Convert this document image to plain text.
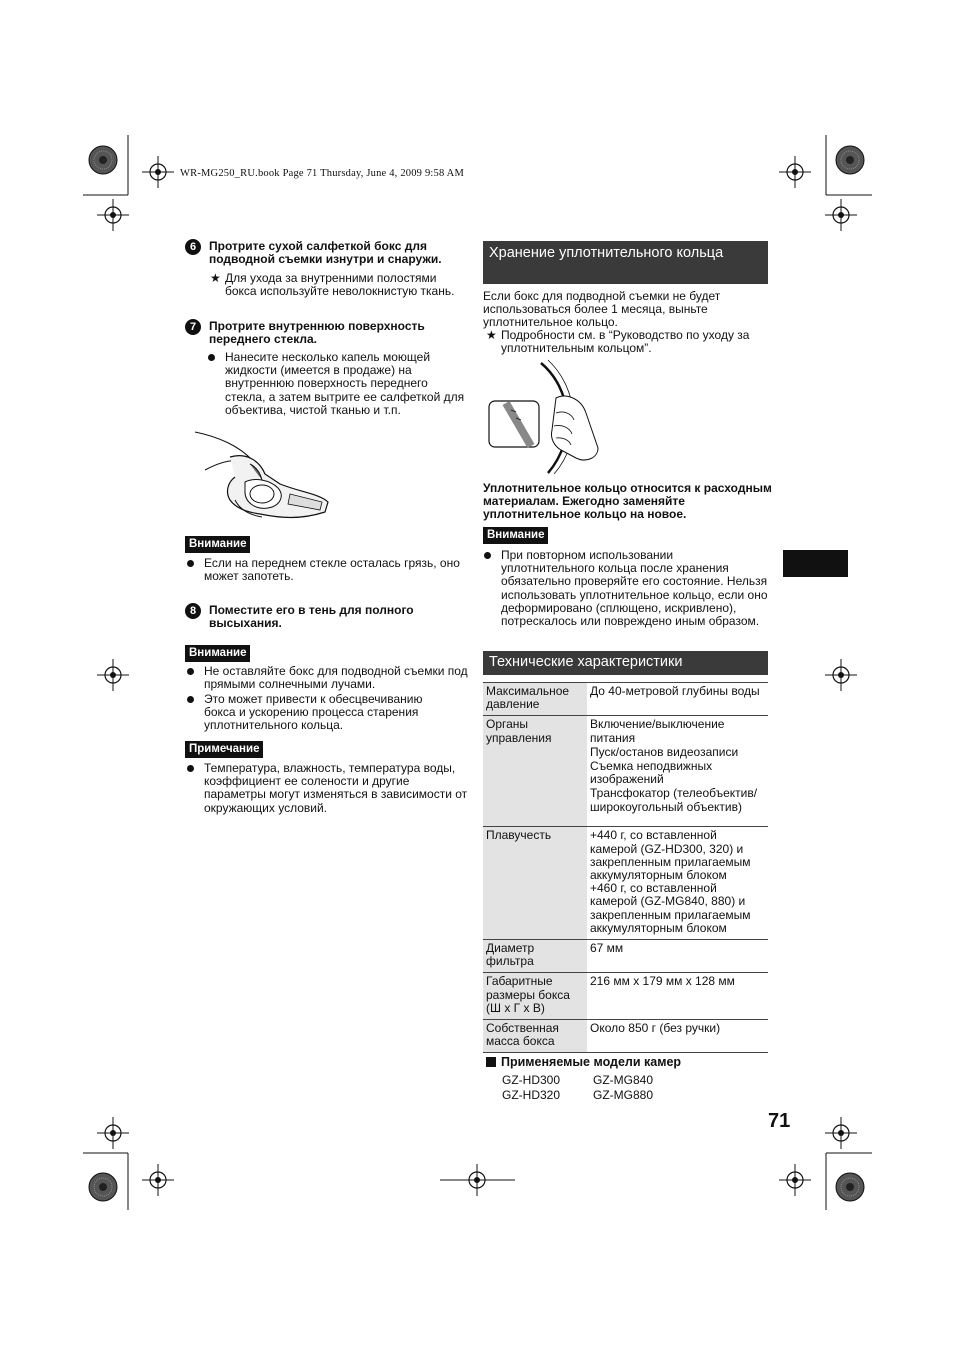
WR-MG250_RU.book Page 71 Thursday, June 4, 2009 9:58 AM
6	Протрите сухой салфеткой бокс для подводной съемки изнутри и снаружи.
★ Для ухода за внутренними полостями бокса используйте неволокнистую ткань.
7	Протрите внутреннюю поверхность переднего стекла.
Нанесите несколько капель моющей жидкости (имеется в продаже) на внутреннюю поверхность переднего стекла, а затем вытрите ее салфеткой для объектива, чистой тканью и т.п.
Внимание
Если на переднем стекле осталась грязь, оно может запотеть.
8	Поместите его в тень для полного высыхания.
Внимание
Не оставляйте бокс для подводной съемки под прямыми солнечными лучами.
Это может привести к обесцвечиванию бокса и ускорению процесса старения уплотнительного кольца.
Примечание
Температура, влажность, температура воды, коэффициент ее солености и другие параметры могут изменяться в зависимости от окружающих условий.
Хранение уплотнительного кольца
Если бокс для подводной съемки не будет использоваться более 1 месяца, выньте уплотнительное кольцо.
★ Подробности см. в “Руководство по уходу за уплотнительным кольцом”.
Уплотнительное кольцо относится к расходным материалам. Ежегодно заменяйте уплотнительное кольцо на новое.
Внимание
При повторном использовании уплотнительного кольца после хранения обязательно проверяйте его состояние. Нельзя использовать уплотнительное кольцо, если оно деформировано (сплющено, искривлено), потрескалось или повреждено иным образом.
Технические характеристики
Максимальное давление	До 40-метровой глубины воды

Органы управления	Включение/выключение питания
Пуск/останов видеозаписи
Съемка неподвижных изображений
Трансфокатор (телеобъектив/ широкоугольный объектив)

Плавучесть	+440 г, со вставленной камерой (GZ-HD300, 320) и закрепленным прилагаемым аккумуляторным блоком
+460 г, со вставленной камерой (GZ-MG840, 880) и закрепленным прилагаемым аккумуляторным блоком

Диаметр фильтра	67 мм

Габаритные размеры бокса (Ш х Г х В)	216 мм х 179 мм х 128 мм

Собственная масса бокса	Около 850 г (без ручки)
Применяемые модели камер
GZ-HD300
GZ-HD320
GZ-MG840
GZ-MG880
71
